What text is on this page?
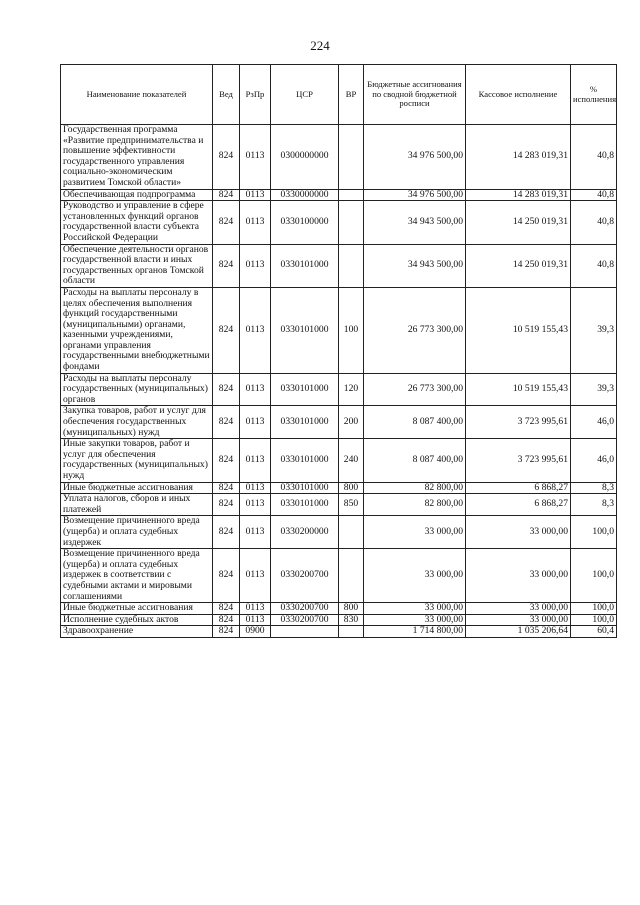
224
Наименование показателей	Вед	РзПр	ЦСР	ВР	Бюджетные ассигнования по сводной бюджетной росписи	Кассовое исполнение	% исполнения
Государственная программа «Развитие предпринимательства и повышение эффективности государственного управления социально-экономическим развитием Томской области»	824	0113	0300000000		34 976 500,00	14 283 019,31	40,8
Обеспечивающая подпрограмма	824	0113	0330000000		34 976 500,00	14 283 019,31	40,8
Руководство и управление в сфере установленных функций органов государственной власти субъекта Российской Федерации	824	0113	0330100000		34 943 500,00	14 250 019,31	40,8
Обеспечение деятельности органов государственной власти и иных государственных органов Томской области	824	0113	0330101000		34 943 500,00	14 250 019,31	40,8
Расходы на выплаты персоналу в целях обеспечения выполнения функций государственными (муниципальными) органами, казенными учреждениями, органами управления государственными внебюджетными фондами	824	0113	0330101000	100	26 773 300,00	10 519 155,43	39,3
Расходы на выплаты персоналу государственных (муниципальных) органов	824	0113	0330101000	120	26 773 300,00	10 519 155,43	39,3
Закупка товаров, работ и услуг для обеспечения государственных (муниципальных) нужд	824	0113	0330101000	200	8 087 400,00	3 723 995,61	46,0
Иные закупки товаров, работ и услуг для обеспечения государственных (муниципальных) нужд	824	0113	0330101000	240	8 087 400,00	3 723 995,61	46,0
Иные бюджетные ассигнования	824	0113	0330101000	800	82 800,00	6 868,27	8,3
Уплата налогов, сборов и иных платежей	824	0113	0330101000	850	82 800,00	6 868,27	8,3
Возмещение причиненного вреда (ущерба) и оплата судебных издержек	824	0113	0330200000		33 000,00	33 000,00	100,0
Возмещение причиненного вреда (ущерба) и оплата судебных издержек в соответствии с судебными актами и мировыми соглашениями	824	0113	0330200700		33 000,00	33 000,00	100,0
Иные бюджетные ассигнования	824	0113	0330200700	800	33 000,00	33 000,00	100,0
Исполнение судебных актов	824	0113	0330200700	830	33 000,00	33 000,00	100,0
Здравоохранение	824	0900			1 714 800,00	1 035 206,64	60,4
